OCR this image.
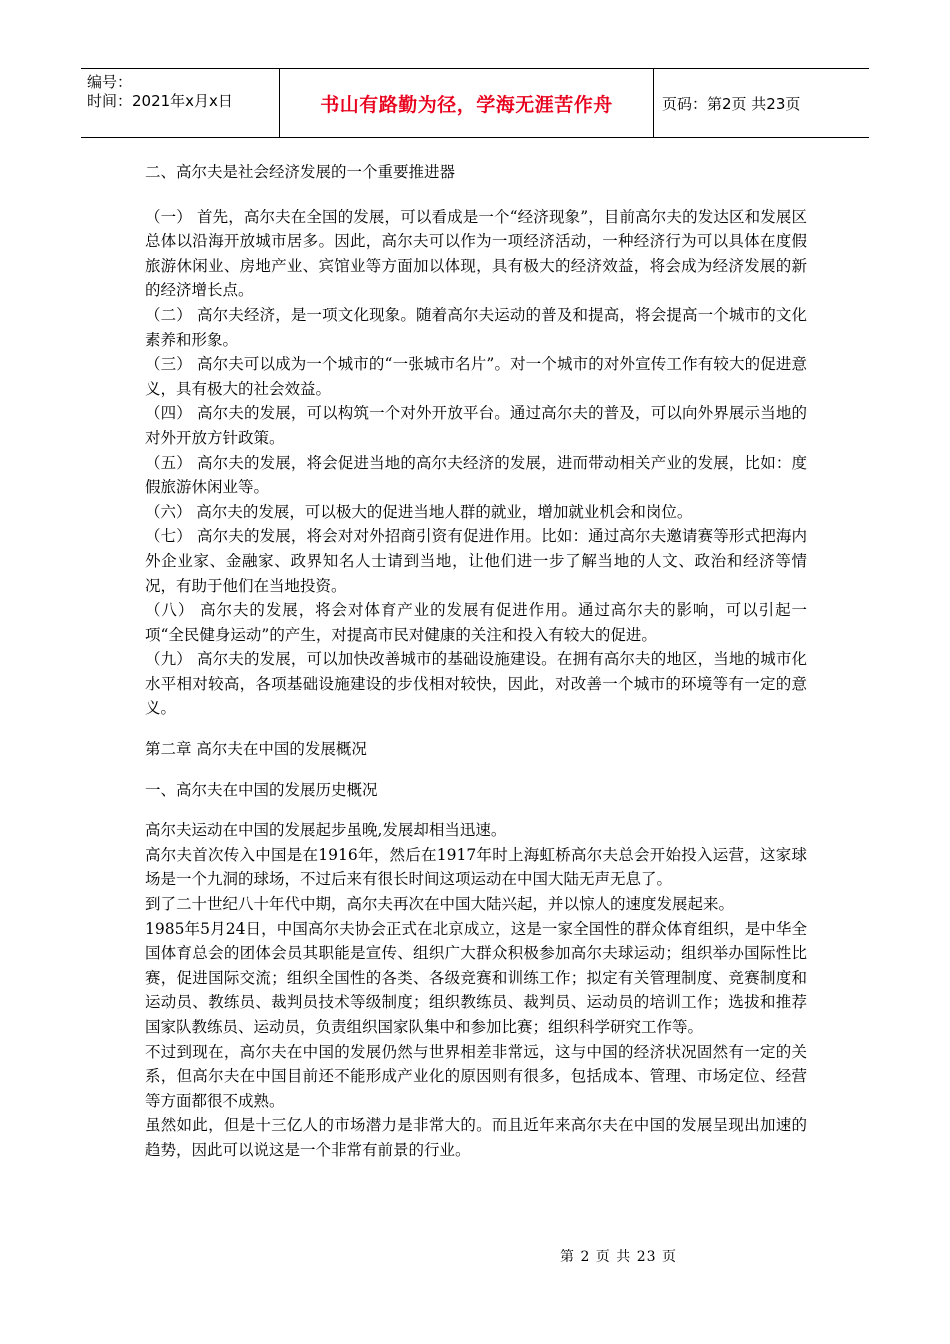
编号：
时间：2021年x月x日	书山有路勤为径，学海无涯苦作舟	页码：第2页 共23页

二、高尔夫是社会经济发展的一个重要推进器

（一） 首先，高尔夫在全国的发展，可以看成是一个“经济现象”，目前高尔夫的发达区和发展区总体以沿海开放城市居多。因此，高尔夫可以作为一项经济活动，一种经济行为可以具体在度假旅游休闲业、房地产业、宾馆业等方面加以体现，具有极大的经济效益，将会成为经济发展的新的经济增长点。

（二） 高尔夫经济，是一项文化现象。随着高尔夫运动的普及和提高，将会提高一个城市的文化素养和形象。

（三） 高尔夫可以成为一个城市的“一张城市名片”。对一个城市的对外宣传工作有较大的促进意义，具有极大的社会效益。

（四） 高尔夫的发展，可以构筑一个对外开放平台。通过高尔夫的普及，可以向外界展示当地的对外开放方针政策。

（五） 高尔夫的发展，将会促进当地的高尔夫经济的发展，进而带动相关产业的发展，比如：度假旅游休闲业等。

（六） 高尔夫的发展，可以极大的促进当地人群的就业，增加就业机会和岗位。

（七） 高尔夫的发展，将会对对外招商引资有促进作用。比如：通过高尔夫邀请赛等形式把海内外企业家、金融家、政界知名人士请到当地，让他们进一步了解当地的人文、政治和经济等情况，有助于他们在当地投资。

（八） 高尔夫的发展，将会对体育产业的发展有促进作用。通过高尔夫的影响，可以引起一项“全民健身运动”的产生，对提高市民对健康的关注和投入有较大的促进。

（九） 高尔夫的发展，可以加快改善城市的基础设施建设。在拥有高尔夫的地区，当地的城市化水平相对较高，各项基础设施建设的步伐相对较快，因此，对改善一个城市的环境等有一定的意义。

第二章 高尔夫在中国的发展概况

一、高尔夫在中国的发展历史概况

高尔夫运动在中国的发展起步虽晚,发展却相当迅速。

高尔夫首次传入中国是在1916年，然后在1917年时上海虹桥高尔夫总会开始投入运营，这家球场是一个九洞的球场，不过后来有很长时间这项运动在中国大陆无声无息了。

到了二十世纪八十年代中期，高尔夫再次在中国大陆兴起，并以惊人的速度发展起来。

1985年5月24日，中国高尔夫协会正式在北京成立，这是一家全国性的群众体育组织，是中华全国体育总会的团体会员其职能是宣传、组织广大群众积极参加高尔夫球运动；组织举办国际性比赛，促进国际交流；组织全国性的各类、各级竞赛和训练工作；拟定有关管理制度、竞赛制度和运动员、教练员、裁判员技术等级制度；组织教练员、裁判员、运动员的培训工作；选拔和推荐国家队教练员、运动员，负责组织国家队集中和参加比赛；组织科学研究工作等。

不过到现在，高尔夫在中国的发展仍然与世界相差非常远，这与中国的经济状况固然有一定的关系，但高尔夫在中国目前还不能形成产业化的原因则有很多，包括成本、管理、市场定位、经营等方面都很不成熟。

虽然如此，但是十三亿人的市场潜力是非常大的。而且近年来高尔夫在中国的发展呈现出加速的趋势，因此可以说这是一个非常有前景的行业。

第 2 页 共 23 页
